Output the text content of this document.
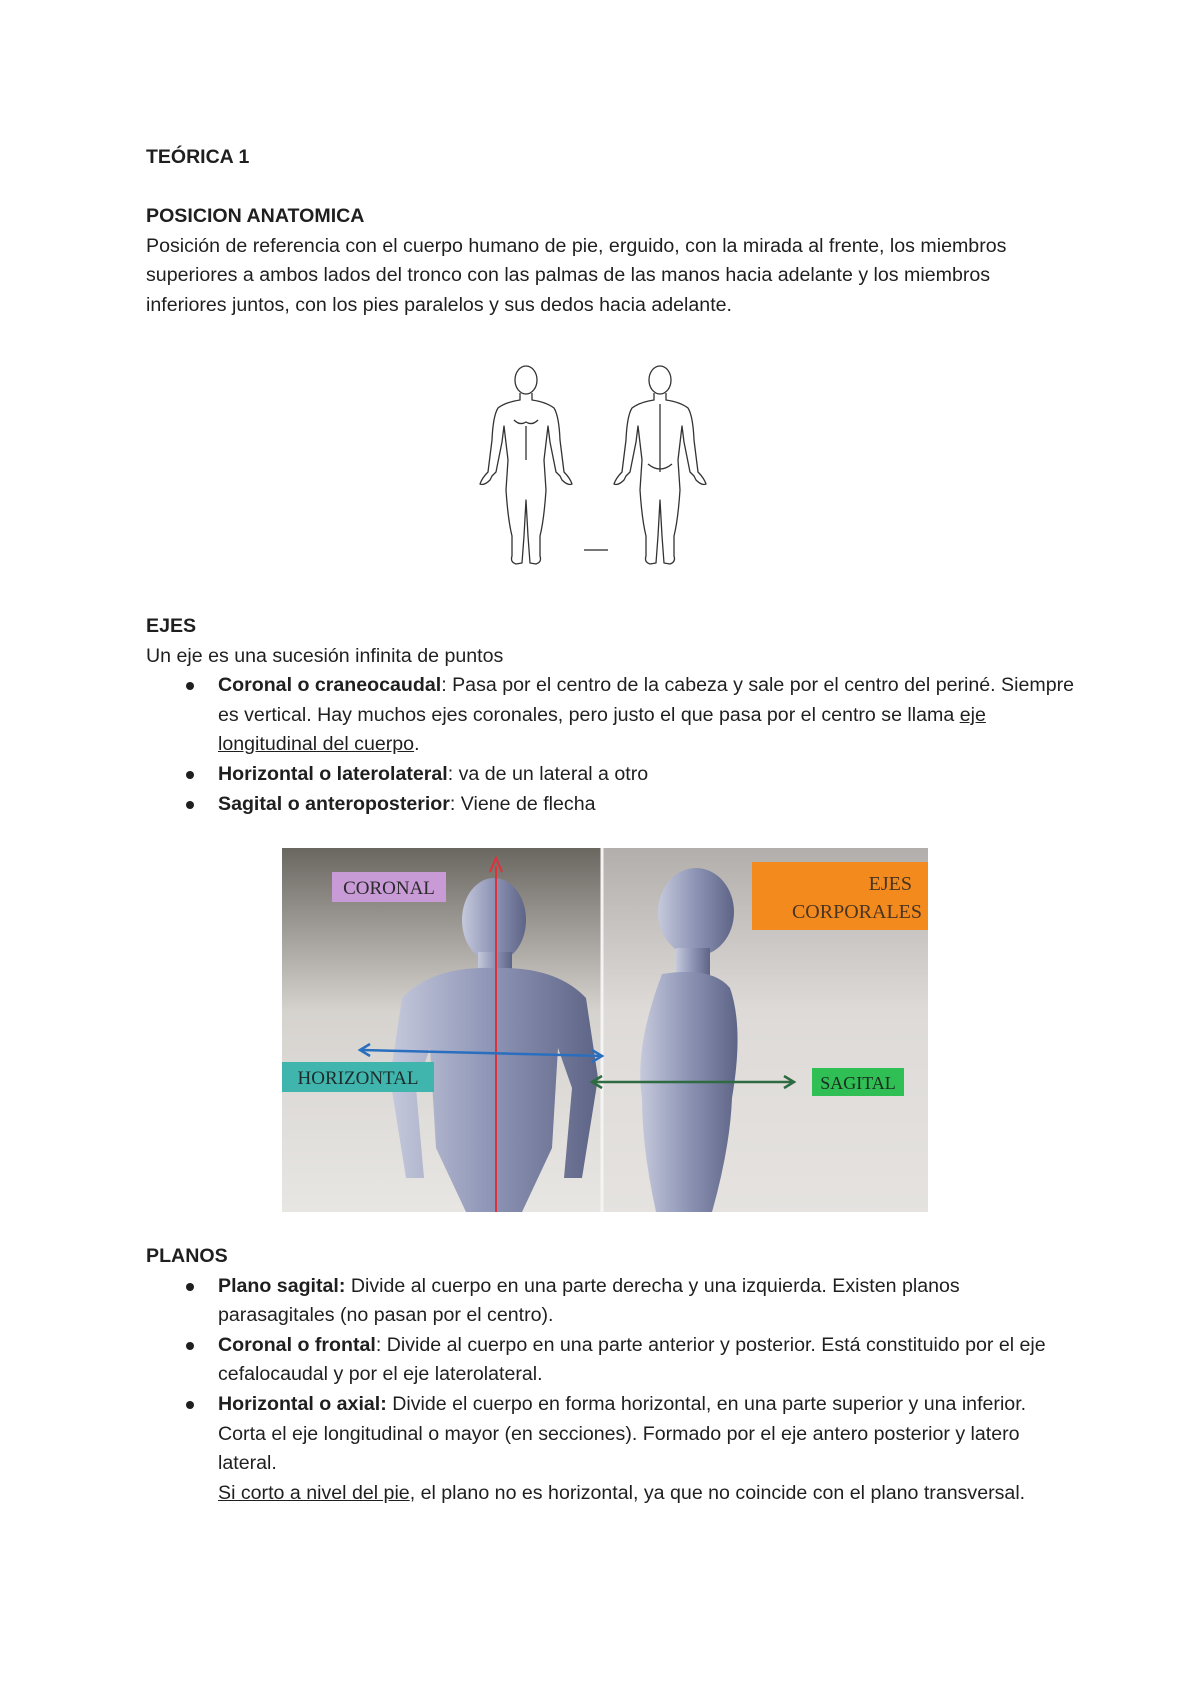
TEÓRICA 1

POSICION ANATOMICA

Posición de referencia con el cuerpo humano de pie, erguido, con la mirada al frente, los miembros superiores a ambos lados del tronco con las palmas de las manos hacia adelante y los miembros inferiores juntos, con los pies paralelos y sus dedos hacia adelante.

EJES

Un eje es una sucesión infinita de puntos

Coronal o craneocaudal: Pasa por el centro de la cabeza y sale por el centro del periné. Siempre es vertical. Hay muchos ejes coronales, pero justo el que pasa por el centro se llama eje longitudinal del cuerpo.
Horizontal o laterolateral: va de un lateral a otro
Sagital o anteroposterior: Viene de flecha
CORONAL
HORIZONTAL	SAGITAL
EJES
CORPORALES

PLANOS

Plano sagital: Divide al cuerpo en una parte derecha y una izquierda. Existen planos parasagitales (no pasan por el centro).
Coronal o frontal: Divide al cuerpo en una parte anterior y posterior. Está constituido por el eje cefalocaudal y por el eje laterolateral.
Horizontal o axial: Divide el cuerpo en forma horizontal, en una parte superior y una inferior. Corta el eje longitudinal o mayor (en secciones). Formado por el eje antero posterior y latero lateral.
Si corto a nivel del pie, el plano no es horizontal, ya que no coincide con el plano transversal.
